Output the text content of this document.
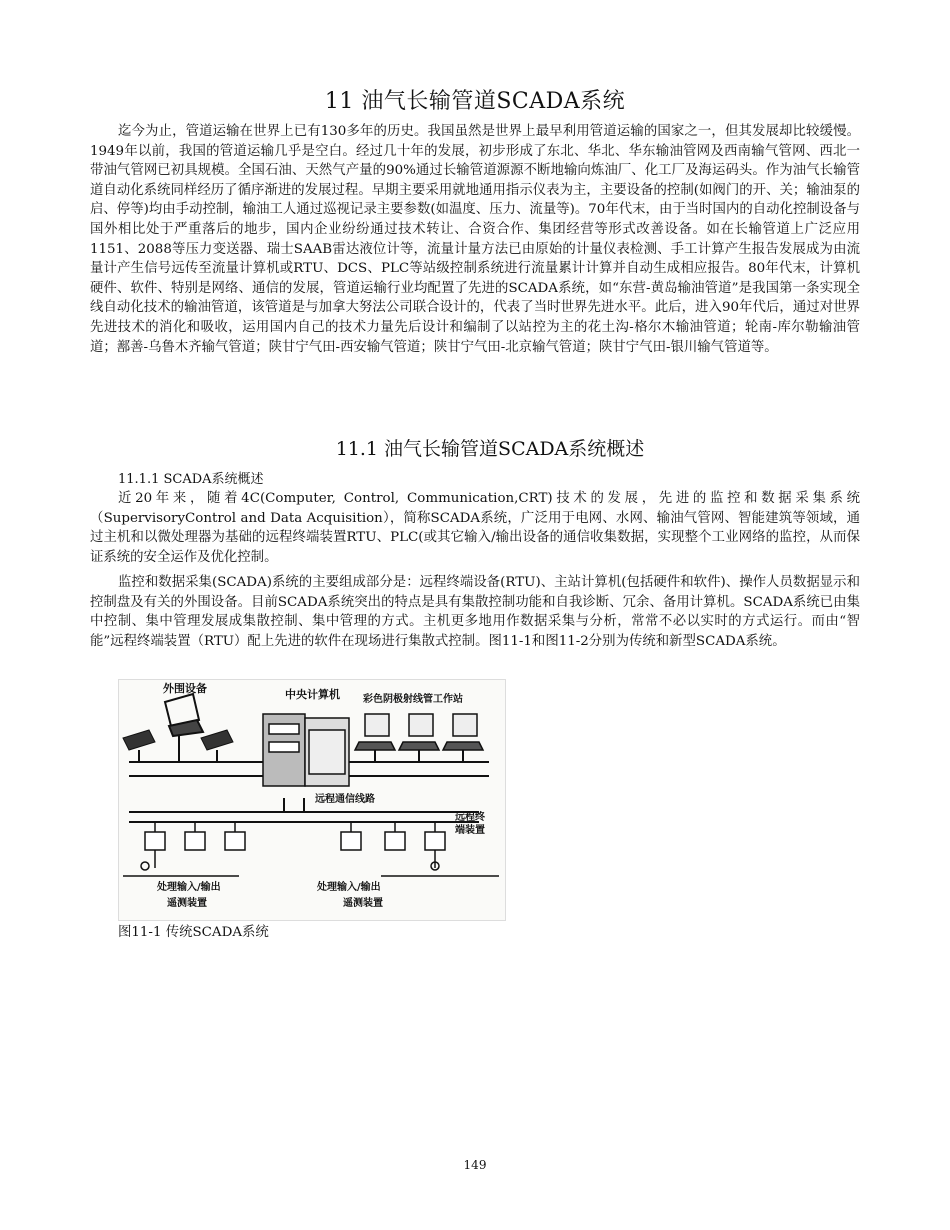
11 油气长输管道SCADA系统
迄今为止，管道运输在世界上已有130多年的历史。我国虽然是世界上最早利用管道运输的国家之一，但其发展却比较缓慢。1949年以前，我国的管道运输几乎是空白。经过几十年的发展，初步形成了东北、华北、华东输油管网及西南输气管网、西北一带油气管网已初具规模。全国石油、天然气产量的90%通过长输管道源源不断地输向炼油厂、化工厂及海运码头。作为油气长输管道自动化系统同样经历了循序渐进的发展过程。早期主要采用就地通用指示仪表为主，主要设备的控制(如阀门的开、关；输油泵的启、停等)均由手动控制，输油工人通过巡视记录主要参数(如温度、压力、流量等)。70年代末，由于当时国内的自动化控制设备与国外相比处于严重落后的地步，国内企业纷纷通过技术转让、合资合作、集团经营等形式改善设备。如在长输管道上广泛应用1151、2088等压力变送器、瑞士SAAB雷达液位计等，流量计量方法已由原始的计量仪表检测、手工计算产生报告发展成为由流量计产生信号远传至流量计算机或RTU、DCS、PLC等站级控制系统进行流量累计计算并自动生成相应报告。80年代末，计算机硬件、软件、特别是网络、通信的发展，管道运输行业均配置了先进的SCADA系统，如“东营-黄岛输油管道”是我国第一条实现全线自动化技术的输油管道，该管道是与加拿大努法公司联合设计的，代表了当时世界先进水平。此后，进入90年代后，通过对世界先进技术的消化和吸收，运用国内自己的技术力量先后设计和编制了以站控为主的花土沟-格尔木输油管道；轮南-库尔勒输油管道；鄯善-乌鲁木齐输气管道；陕甘宁气田-西安输气管道；陕甘宁气田-北京输气管道；陕甘宁气田-银川输气管道等。
11.1 油气长输管道SCADA系统概述
11.1.1 SCADA系统概述
近20年来，随着4C(Computer, Control, Communication,CRT)技术的发展，先进的监控和数据采集系统（SupervisoryControl and Data Acquisition），简称SCADA系统，广泛用于电网、水网、输油气管网、智能建筑等领域，通过主机和以微处理器为基础的远程终端装置RTU、PLC(或其它输入/输出设备的通信收集数据，实现整个工业网络的监控，从而保证系统的安全运作及优化控制。
监控和数据采集(SCADA)系统的主要组成部分是：远程终端设备(RTU)、主站计算机(包括硬件和软件)、操作人员数据显示和控制盘及有关的外围设备。目前SCADA系统突出的特点是具有集散控制功能和自我诊断、冗余、备用计算机。SCADA系统已由集中控制、集中管理发展成集散控制、集中管理的方式。主机更多地用作数据采集与分析，常常不必以实时的方式运行。而由“智能”远程终端装置（RTU）配上先进的软件在现场进行集散式控制。图11-1和图11-2分别为传统和新型SCADA系统。
中央计算机
外围设备
彩色阴极射线管工作站
远程通信线路
远程终
端装置
处理输入/输出	处理输入/输出
遥测装置	遥测装置
图11-1 传统SCADA系统
149
